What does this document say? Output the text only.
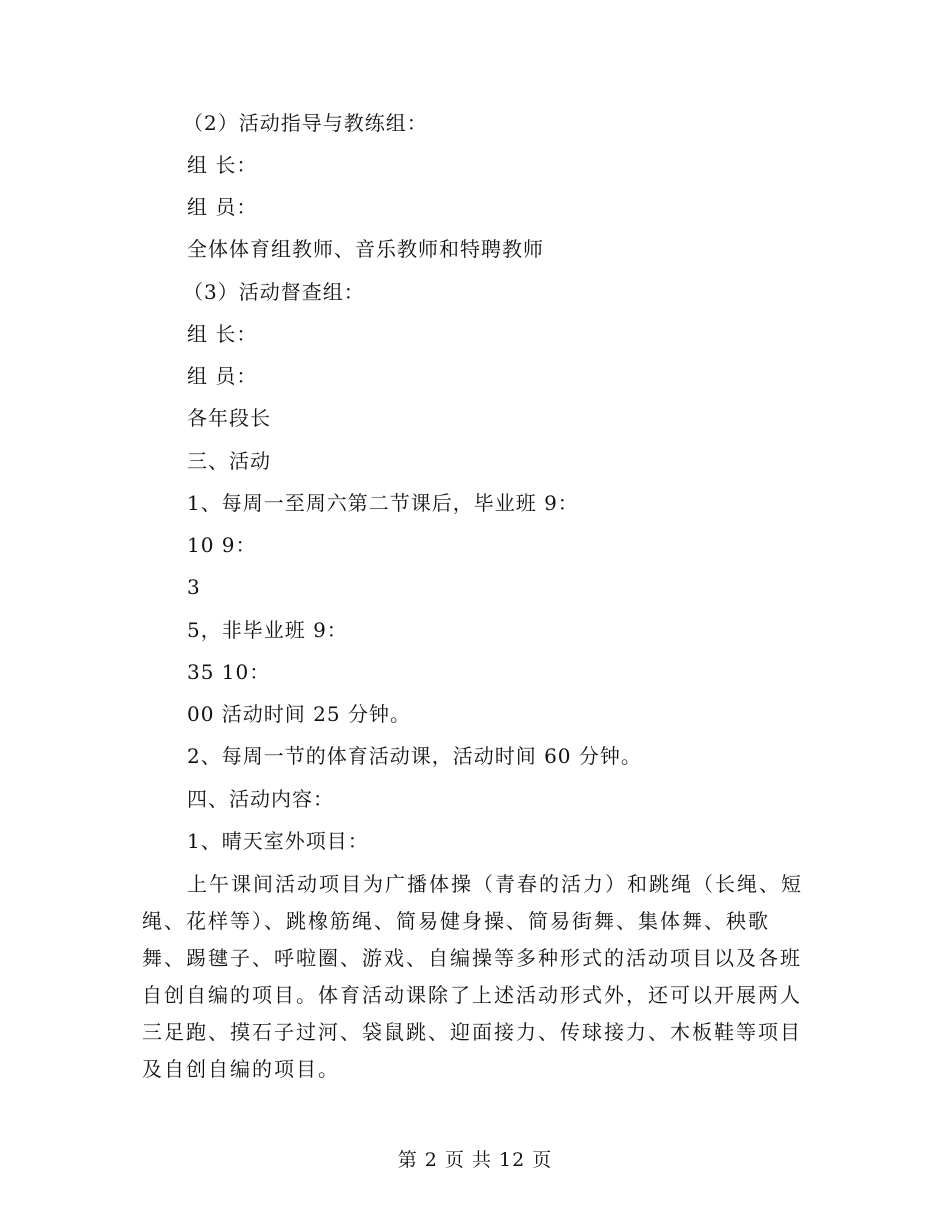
（2）活动指导与教练组：
组 长：
组 员：
全体体育组教师、音乐教师和特聘教师
（3）活动督查组：
组 长：
组 员：
各年段长
三、活动
1、每周一至周六第二节课后，毕业班 9：
10 9：
3
5，非毕业班 9：
35 10：
00 活动时间 25 分钟。
2、每周一节的体育活动课，活动时间 60 分钟。
四、活动内容：
1、晴天室外项目：
上午课间活动项目为广播体操（青春的活力）和跳绳（长绳、短
绳、花样等）、跳橡筋绳、简易健身操、简易街舞、集体舞、秧歌
舞、踢毽子、呼啦圈、游戏、自编操等多种形式的活动项目以及各班
自创自编的项目。体育活动课除了上述活动形式外，还可以开展两人
三足跑、摸石子过河、袋鼠跳、迎面接力、传球接力、木板鞋等项目
及自创自编的项目。
第 2 页 共 12 页
